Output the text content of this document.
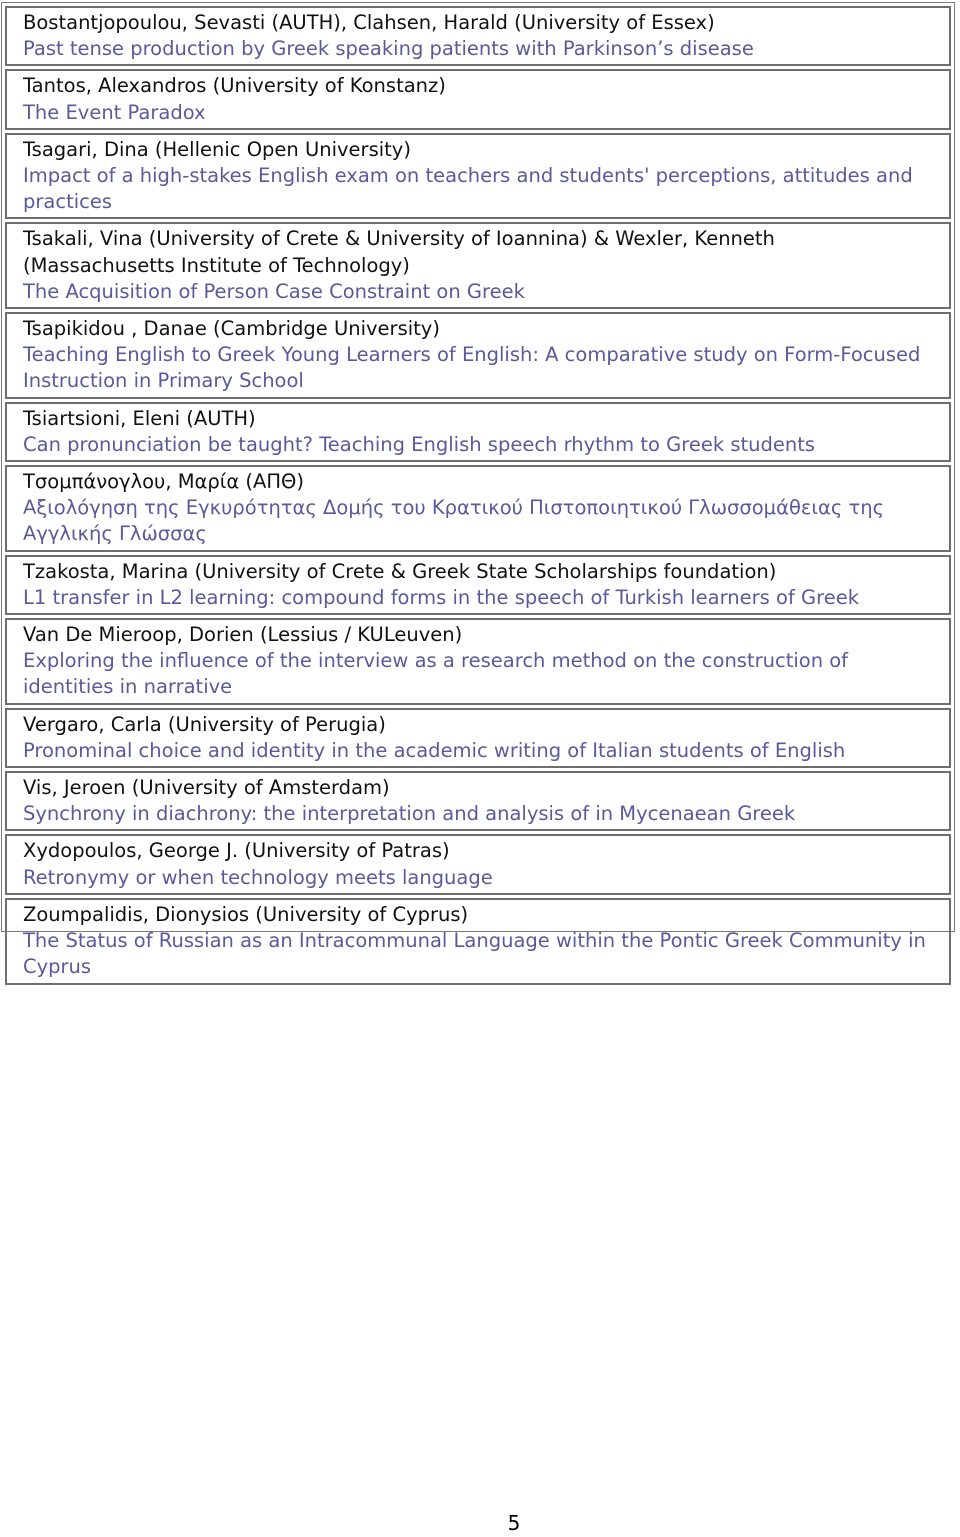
Bostantjopoulou, Sevasti (AUTH), Clahsen, Harald (University of Essex)
Past tense production by Greek speaking patients with Parkinson’s disease
Tantos, Alexandros (University of Konstanz)
The Event Paradox
Tsagari, Dina (Hellenic Open University)
Impact of a high-stakes English exam on teachers and students' perceptions, attitudes and practices
Tsakali, Vina (University of Crete & University of Ioannina) & Wexler, Kenneth
(Massachusetts Institute of Technology)
The Acquisition of Person Case Constraint on Greek
Tsapikidou , Danae (Cambridge University)
Teaching English to Greek Young Learners of English: A comparative study on Form-Focused Instruction in Primary School
Tsiartsioni, Eleni (AUTH)
Can pronunciation be taught? Teaching English speech rhythm to Greek students
Τσομπάνογλου, Μαρία (ΑΠΘ)
Αξιολόγηση της Εγκυρότητας Δομής του Κρατικού Πιστοποιητικού Γλωσσομάθειας της Αγγλικής Γλώσσας
Tzakosta, Marina (University of Crete & Greek State Scholarships foundation)
L1 transfer in L2 learning: compound forms in the speech of Turkish learners of Greek
Van De Mieroop, Dorien (Lessius / KULeuven)
Exploring the influence of the interview as a research method on the construction of identities in narrative
Vergaro, Carla (University of Perugia)
Pronominal choice and identity in the academic writing of Italian students of English
Vis, Jeroen (University of Amsterdam)
Synchrony in diachrony: the interpretation and analysis of in Mycenaean Greek
Xydopoulos, George J. (University of Patras)
Retronymy or when technology meets language
Zoumpalidis, Dionysios (University of Cyprus)
The Status of Russian as an Intracommunal Language within the Pontic Greek Community in Cyprus
5
